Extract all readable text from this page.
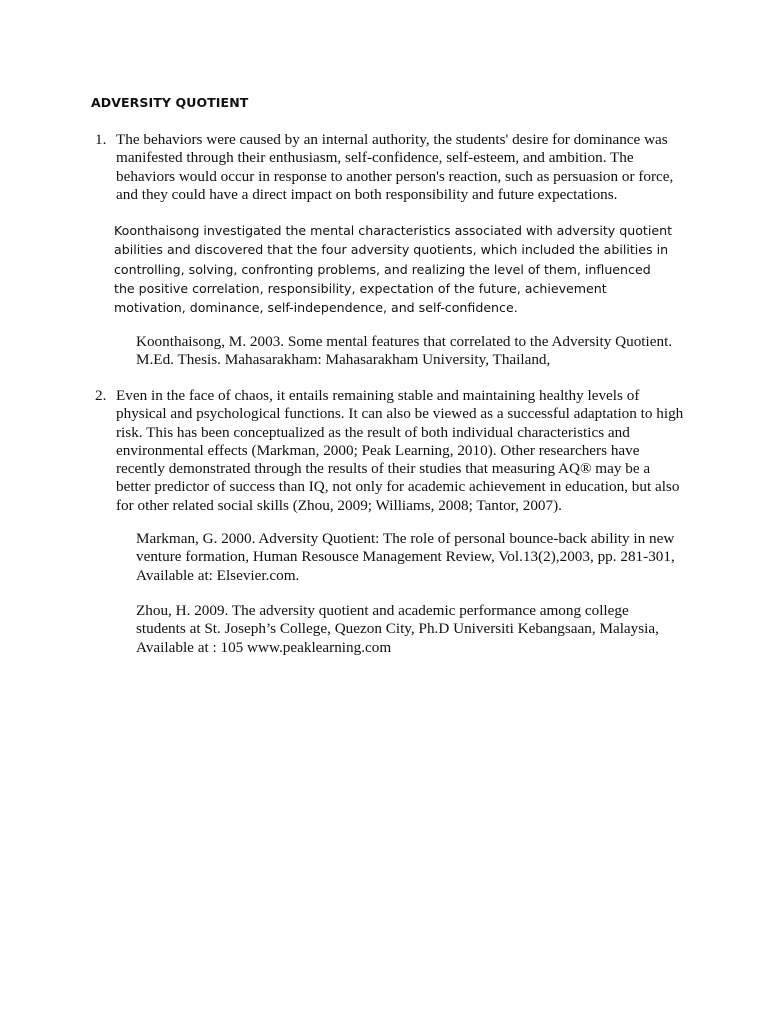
ADVERSITY QUOTIENT
1. The behaviors were caused by an internal authority, the students' desire for dominance was manifested through their enthusiasm, self-confidence, self-esteem, and ambition. The behaviors would occur in response to another person's reaction, such as persuasion or force, and they could have a direct impact on both responsibility and future expectations.

Koonthaisong investigated the mental characteristics associated with adversity quotient abilities and discovered that the four adversity quotients, which included the abilities in controlling, solving, confronting problems, and realizing the level of them, influenced the positive correlation, responsibility, expectation of the future, achievement motivation, dominance, self-independence, and self-confidence.

Koonthaisong, M. 2003. Some mental features that correlated to the Adversity Quotient. M.Ed. Thesis. Mahasarakham: Mahasarakham University, Thailand,

2. Even in the face of chaos, it entails remaining stable and maintaining healthy levels of physical and psychological functions. It can also be viewed as a successful adaptation to high risk. This has been conceptualized as the result of both individual characteristics and environmental effects (Markman, 2000; Peak Learning, 2010). Other researchers have recently demonstrated through the results of their studies that measuring AQ® may be a better predictor of success than IQ, not only for academic achievement in education, but also for other related social skills (Zhou, 2009; Williams, 2008; Tantor, 2007).

Markman, G. 2000. Adversity Quotient: The role of personal bounce-back ability in new venture formation, Human Resousce Management Review, Vol.13(2),2003, pp. 281-301, Available at: Elsevier.com.

Zhou, H. 2009. The adversity quotient and academic performance among college students at St. Joseph’s College, Quezon City, Ph.D Universiti Kebangsaan, Malaysia, Available at : 105 www.peaklearning.com
